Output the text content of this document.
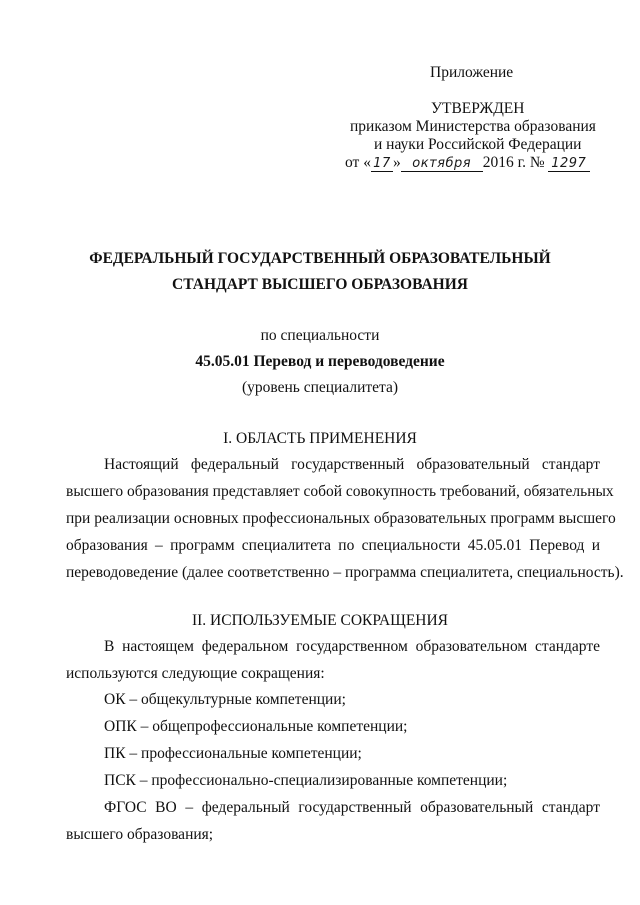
Приложение
УТВЕРЖДЕН
приказом Министерства образования
и науки Российской Федерации
от « 17 » октября 2016 г. № 1297
ФЕДЕРАЛЬНЫЙ ГОСУДАРСТВЕННЫЙ ОБРАЗОВАТЕЛЬНЫЙ
СТАНДАРТ ВЫСШЕГО ОБРАЗОВАНИЯ
по специальности
45.05.01 Перевод и переводоведение
(уровень специалитета)
I. ОБЛАСТЬ ПРИМЕНЕНИЯ
Настоящий федеральный государственный образовательный стандарт
высшего образования представляет собой совокупность требований, обязательных
при реализации основных профессиональных образовательных программ высшего
образования – программ специалитета по специальности 45.05.01 Перевод и
переводоведение (далее соответственно – программа специалитета, специальность).
II. ИСПОЛЬЗУЕМЫЕ СОКРАЩЕНИЯ
В настоящем федеральном государственном образовательном стандарте
используются следующие сокращения:
ОК – общекультурные компетенции;
ОПК – общепрофессиональные компетенции;
ПК – профессиональные компетенции;
ПСК – профессионально-специализированные компетенции;
ФГОС ВО – федеральный государственный образовательный стандарт
высшего образования;
